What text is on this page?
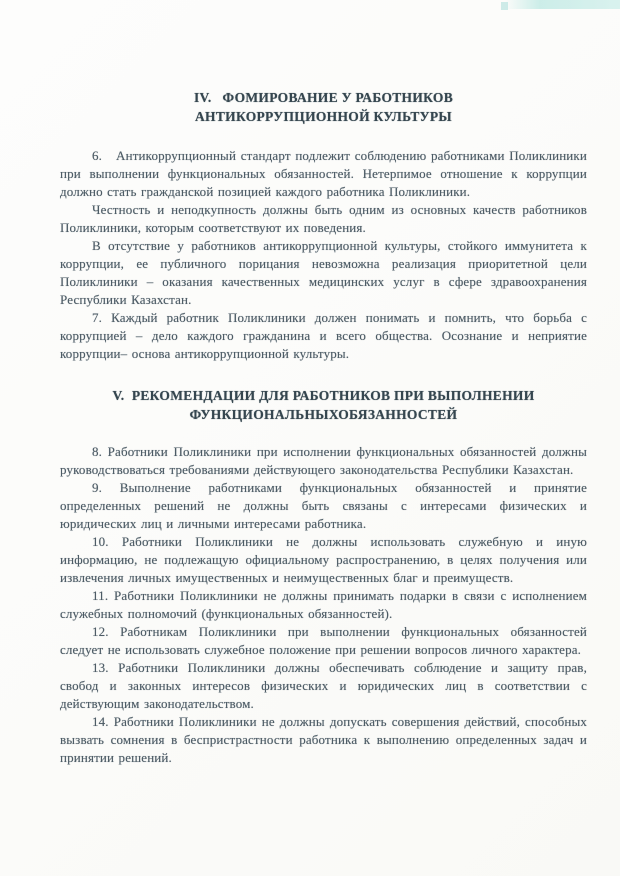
IV.   ФОМИРОВАНИЕ У РАБОТНИКОВ
АНТИКОРРУПЦИОННОЙ КУЛЬТУРЫ

6.   Антикоррупционный стандарт подлежит соблюдению работниками Поликлиники при выполнении функциональных обязанностей. Нетерпимое отношение к коррупции должно стать гражданской позицией каждого работника Поликлиники.

Честность и неподкупность должны быть одним из основных качеств работников Поликлиники, которым соответствуют их поведения.

В отсутствие у работников антикоррупционной культуры, стойкого иммунитета к коррупции, ее публичного порицания невозможна реализация приоритетной цели Поликлиники – оказания качественных медицинских услуг в сфере здравоохранения Республики Казахстан.

7. Каждый работник Поликлиники должен понимать и помнить, что борьба с коррупцией – дело каждого гражданина и всего общества. Осознание и неприятие коррупции– основа антикоррупционной культуры.

V.  РЕКОМЕНДАЦИИ ДЛЯ РАБОТНИКОВ ПРИ ВЫПОЛНЕНИИ
ФУНКЦИОНАЛЬНЫХОБЯЗАННОСТЕЙ

8. Работники Поликлиники при исполнении функциональных обязанностей должны руководствоваться требованиями действующего законодательства Республики Казахстан.

9. Выполнение работниками функциональных обязанностей и принятие определенных решений не должны быть связаны с интересами физических и юридических лиц и личными интересами работника.

10. Работники Поликлиники не должны использовать служебную и иную информацию, не подлежащую официальному распространению, в целях получения или извлечения личных имущественных и неимущественных благ и преимуществ.

11. Работники Поликлиники не должны принимать подарки в связи с исполнением служебных полномочий (функциональных обязанностей).

12. Работникам Поликлиники при выполнении функциональных обязанностей следует не использовать служебное положение при решении вопросов личного характера.

13. Работники Поликлиники должны обеспечивать соблюдение и защиту прав, свобод и законных интересов физических и юридических лиц в соответствии с действующим законодательством.

14. Работники Поликлиники не должны допускать совершения действий, способных вызвать сомнения в беспристрастности работника к выполнению определенных задач и принятии решений.
